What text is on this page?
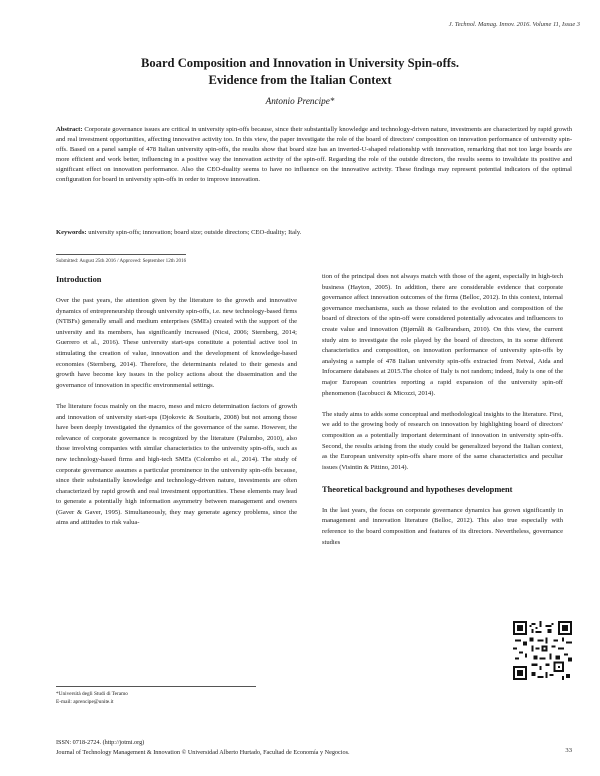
J. Technol. Manag. Innov. 2016. Volume 11, Issue 3
Board Composition and Innovation in University Spin-offs.
Evidence from the Italian Context
Antonio Prencipe*
Abstract: Corporate governance issues are critical in university spin-offs because, since their substantially knowledge and technology-driven nature, investments are characterized by rapid growth and real investment opportunities, affecting innovative activity too. In this view, the paper investigate the role of the board of directors' composition on innovation performance of university spin-offs. Based on a panel sample of 478 Italian university spin-offs, the results show that board size has an inverted-U-shaped relationship with innovation, remarking that not too large boards are more efficient and work better, influencing in a positive way the innovation activity of the spin-off. Regarding the role of the outside directors, the results seems to invalidate its positive and significant effect on innovation performance. Also the CEO-duality seems to have no influence on the innovative activity. These findings may represent potential indicators of the optimal configuration for board in university spin-offs in order to improve innovation.
Keywords: university spin-offs; innovation; board size; outside directors; CEO-duality; Italy.
Submitted: August 25th 2016 / Approved: September 12th 2016
Introduction

Over the past years, the attention given by the literature to the growth and innovative dynamics of entrepreneurship through university spin-offs, i.e. new technology-based firms (NTBFs) generally small and medium enterprises (SMEs) created with the support of the university and its members, has significantly increased (Nicsi, 2006; Sternberg, 2014; Guerrero et al., 2016). These university start-ups constitute a potential active tool in stimulating the creation of value, innovation and the development of knowledge-based economies (Sternberg, 2014). Therefore, the determinants related to their genesis and growth have become key issues in the policy actions about the dissemination and the governance of innovation in specific environmental settings.

The literature focus mainly on the macro, meso and micro determination factors of growth and innovation of university start-ups (Djokovic & Souitaris, 2008) but not among those have been deeply investigated the dynamics of the governance of the same. However, the relevance of corporate governance is recognized by the literature (Palumbo, 2010), also those involving companies with similar characteristics to the university spin-offs, such as new technology-based firms and high-tech SMEs (Colombo et al., 2014). The study of corporate governance assumes a particular prominence in the university spin-offs because, since their substantially knowledge and technology-driven nature, investments are often characterized by rapid growth and real investment opportunities. These elements may lead to generate a potentially high information asymmetry between management and owners (Gaver & Gaver, 1995). Simultaneously, they may generate agency problems, since the aims and attitudes to risk valua-

tion of the principal does not always match with those of the agent, especially in high-tech business (Hayton, 2005). In addition, there are considerable evidence that corporate governance affect innovation outcomes of the firms (Belloc, 2012). In this context, internal governance mechanisms, such as those related to the evolution and composition of the board of directors of the spin-off were considered potentially advocates and influencers to create value and innovation (Bjørnåli & Gulbrandsen, 2010). On this view, the current study aim to investigate the role played by the board of directors, in its some different characteristics and composition, on innovation performance of university spin-offs by analysing a sample of 478 Italian university spin-offs extracted from Netval, Aida and Infocamere databases at 2015.The choice of Italy is not random; indeed, Italy is one of the major European countries reporting a rapid expansion of the university spin-off phenomenon (Iacobucci & Micozzi, 2014).

The study aims to adds some conceptual and methodological insights to the literature. First, we add to the growing body of research on innovation by highlighting board of directors' composition as a potentially important determinant of innovation in university spin-offs. Second, the results arising from the study could be generalized beyond the Italian context, as the European university spin-offs share more of the same characteristics and peculiar issues (Visintin & Pittino, 2014).

Theoretical background and hypotheses development

In the last years, the focus on corporate governance dynamics has grown significantly in management and innovation literature (Belloc, 2012). This also true especially with reference to the board composition and features of its directors. Nevertheless, governance studies

*Università degli Studi di Teramo
E-mail: aprencipe@unite.it
ISSN: 0718-2724. (http://jotmi.org)
Journal of Technology Management & Innovation © Universidad Alberto Hurtado, Facultad de Economía y Negocios.	33
